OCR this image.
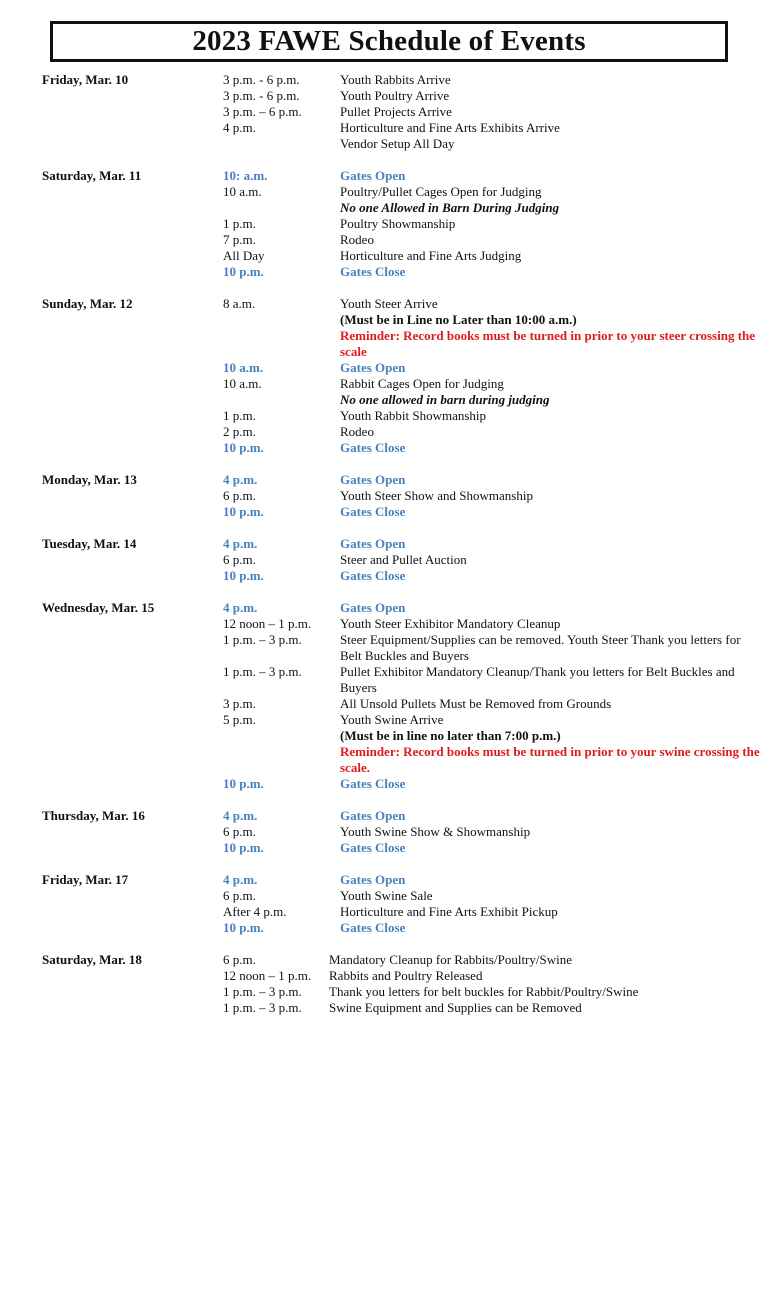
2023 FAWE Schedule of Events
Friday, Mar. 10	3 p.m. - 6 p.m.	Youth Rabbits Arrive
3 p.m. - 6 p.m.	Youth Poultry Arrive
3 p.m. – 6 p.m.	Pullet Projects Arrive
4 p.m.	Horticulture and Fine Arts Exhibits Arrive
Vendor Setup All Day
Saturday, Mar. 11	10: a.m.	Gates Open
10 a.m.	Poultry/Pullet Cages Open for Judging
No one Allowed in Barn During Judging
1 p.m.	Poultry Showmanship
7 p.m.	Rodeo
All Day	Horticulture and Fine Arts Judging
10 p.m.	Gates Close
Sunday, Mar. 12	8 a.m.	Youth Steer Arrive
(Must be in Line no Later than 10:00 a.m.)
Reminder: Record books must be turned in prior to your steer crossing the scale
10 a.m.	Gates Open
10 a.m.	Rabbit Cages Open for Judging
No one allowed in barn during judging
1 p.m.	Youth Rabbit Showmanship
2 p.m.	Rodeo
10 p.m.	Gates Close
Monday, Mar. 13	4 p.m.	Gates Open
6 p.m.	Youth Steer Show and Showmanship
10 p.m.	Gates Close
Tuesday, Mar. 14	4 p.m.	Gates Open
6 p.m.	Steer and Pullet Auction
10 p.m.	Gates Close
Wednesday, Mar. 15	4 p.m.	Gates Open
12 noon – 1 p.m.	Youth Steer Exhibitor Mandatory Cleanup
1 p.m. – 3 p.m.	Steer Equipment/Supplies can be removed. Youth Steer Thank you letters for Belt Buckles and Buyers
1 p.m. – 3 p.m.	Pullet Exhibitor Mandatory Cleanup/Thank you letters for Belt Buckles and Buyers
3 p.m.	All Unsold Pullets Must be Removed from Grounds
5 p.m.	Youth Swine Arrive
(Must be in line no later than 7:00 p.m.)
Reminder: Record books must be turned in prior to your swine crossing the scale.
10 p.m.	Gates Close
Thursday, Mar. 16	4 p.m.	Gates Open
6 p.m.	Youth Swine Show & Showmanship
10 p.m.	Gates Close
Friday, Mar. 17	4 p.m.	Gates Open
6 p.m.	Youth Swine Sale
After 4 p.m.	Horticulture and Fine Arts Exhibit Pickup
10 p.m.	Gates Close
Saturday, Mar. 18	6 p.m.	Mandatory Cleanup for Rabbits/Poultry/Swine
12 noon – 1 p.m.	Rabbits and Poultry Released
1 p.m. – 3 p.m.	Thank you letters for belt buckles for Rabbit/Poultry/Swine
1 p.m. – 3 p.m.	Swine Equipment and Supplies can be Removed
